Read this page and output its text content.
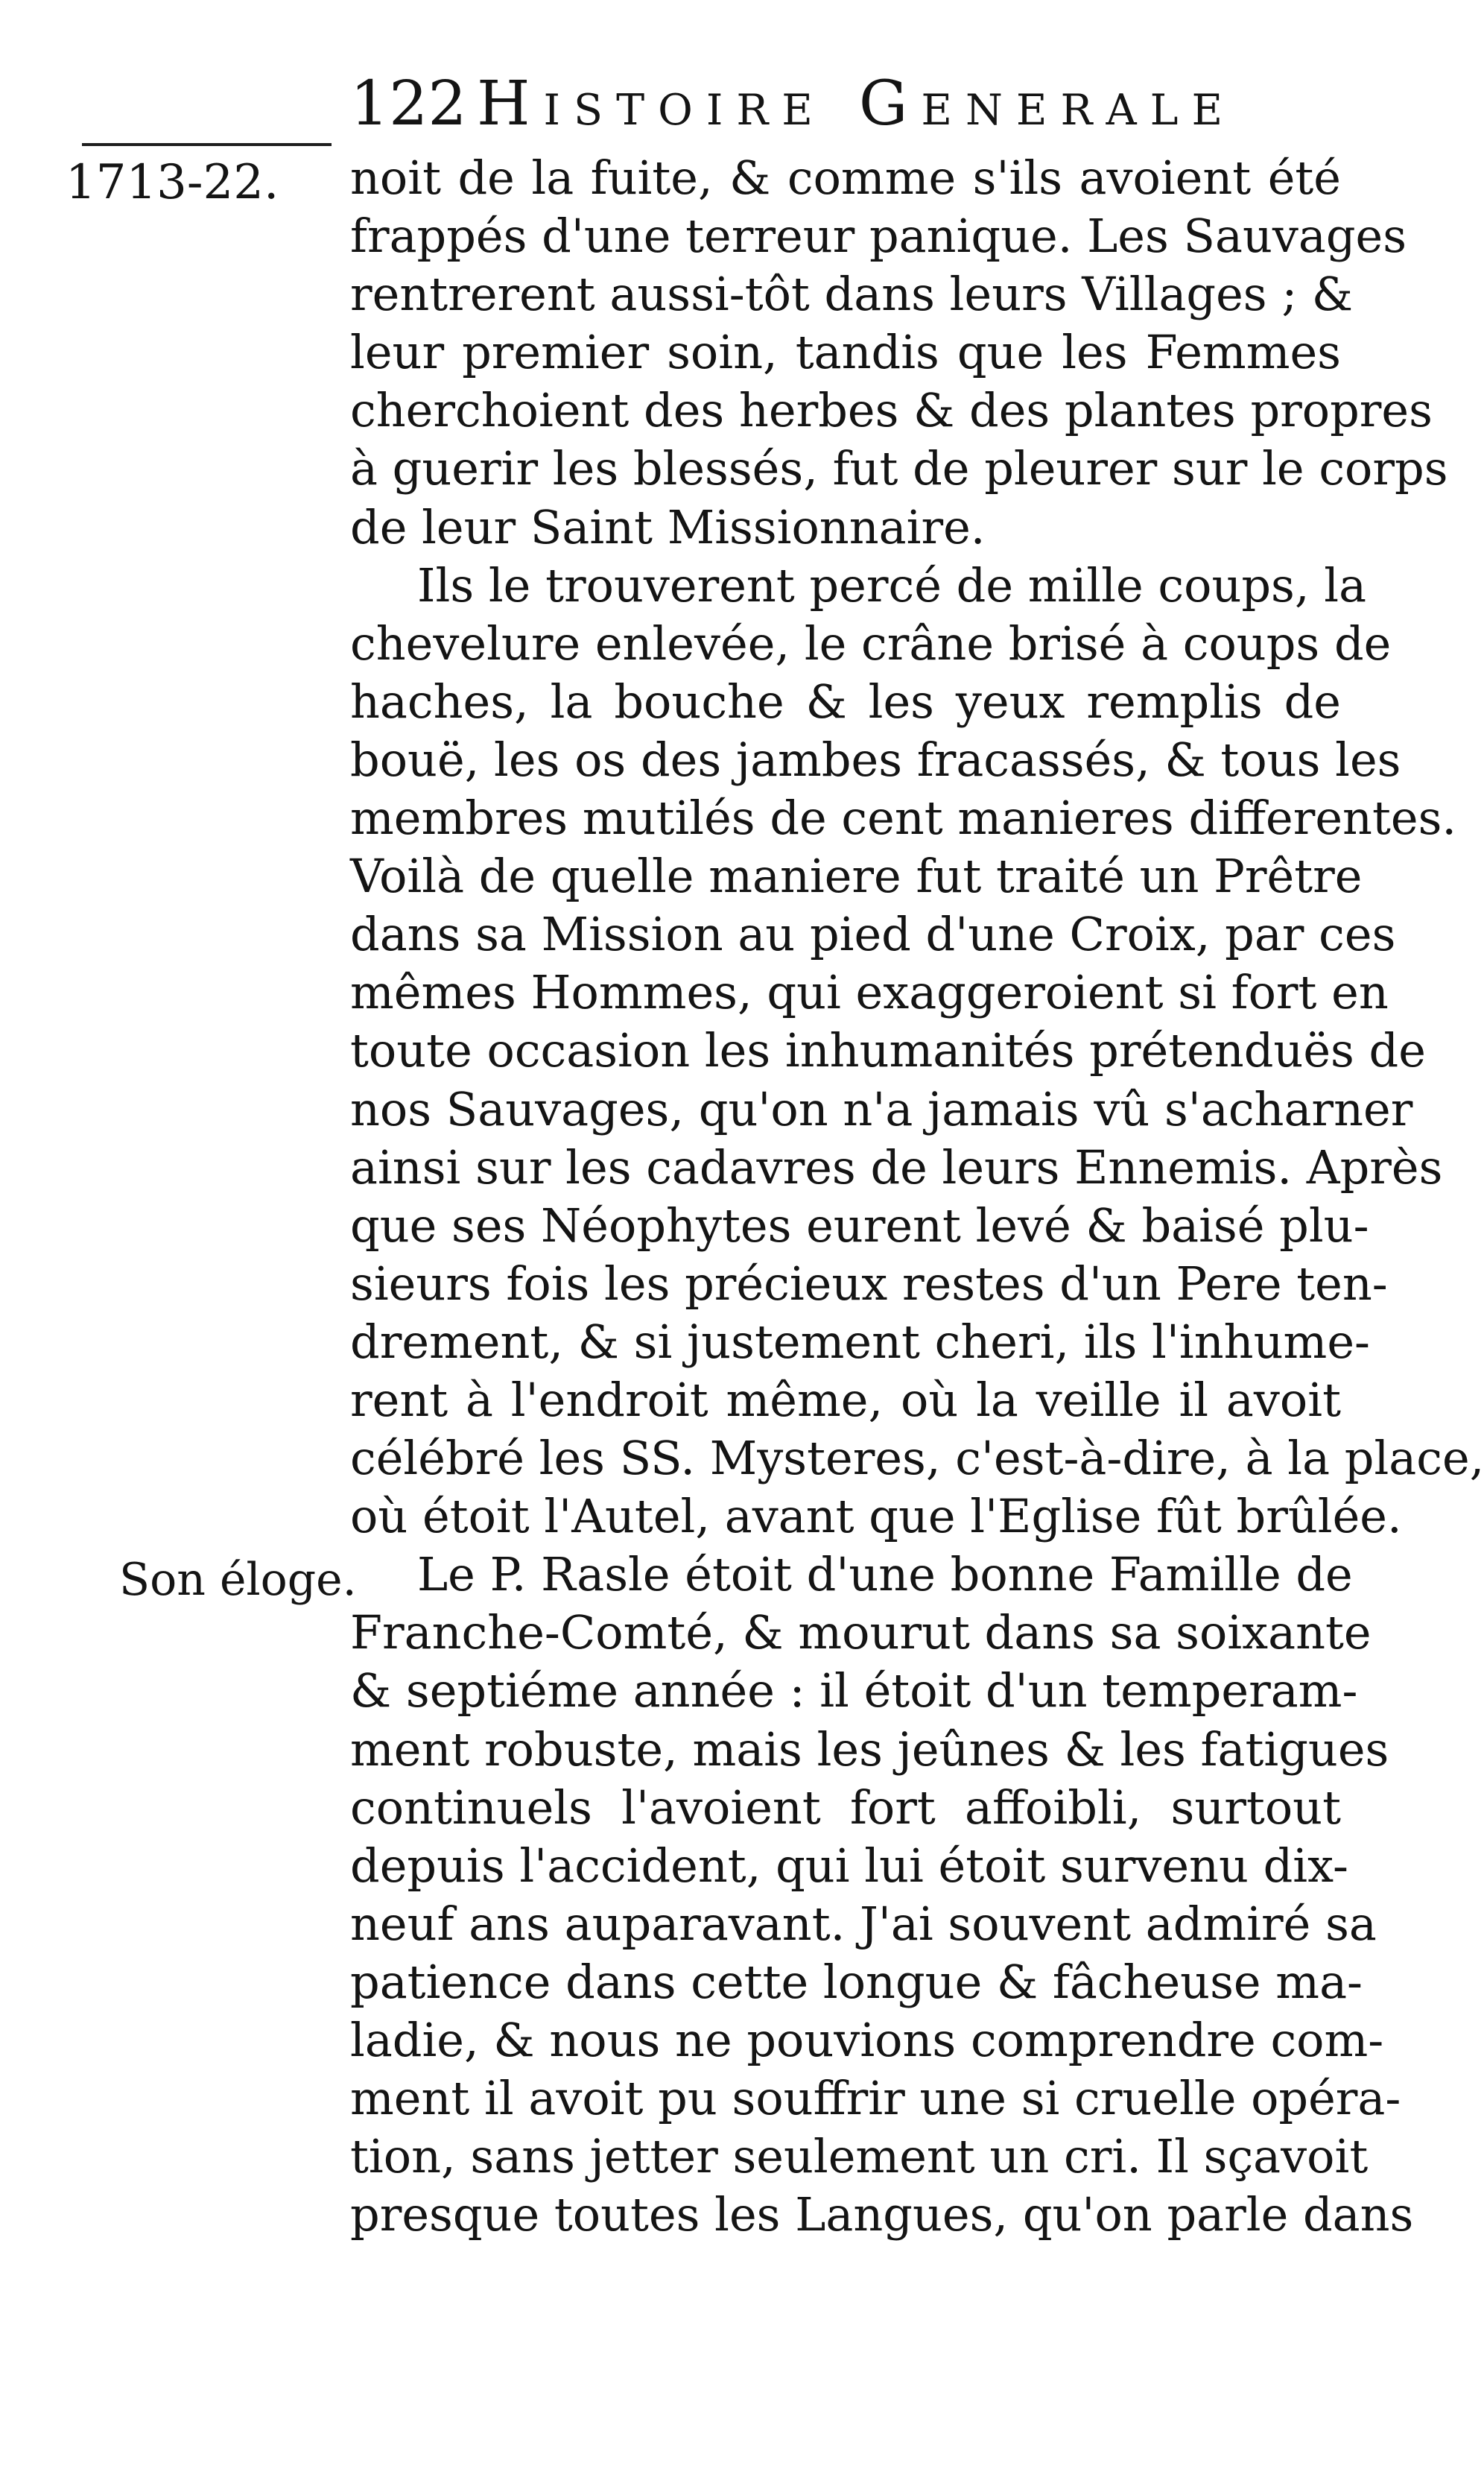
122 Histoire Generale
1713-22.
Son éloge.
noit de la fuite, & comme s'ils avoient été
frappés d'une terreur panique. Les Sauvages
rentrerent aussi-tôt dans leurs Villages ; &
leur premier soin, tandis que les Femmes
cherchoient des herbes & des plantes propres
à guerir les blessés, fut de pleurer sur le corps
de leur Saint Missionnaire.
Ils le trouverent percé de mille coups, la
chevelure enlevée, le crâne brisé à coups de
haches, la bouche & les yeux remplis de
bouë, les os des jambes fracassés, & tous les
membres mutilés de cent manieres differentes.
Voilà de quelle maniere fut traité un Prêtre
dans sa Mission au pied d'une Croix, par ces
mêmes Hommes, qui exaggeroient si fort en
toute occasion les inhumanités prétenduës de
nos Sauvages, qu'on n'a jamais vû s'acharner
ainsi sur les cadavres de leurs Ennemis. Après
que ses Néophytes eurent levé & baisé plu-
sieurs fois les précieux restes d'un Pere ten-
drement, & si justement cheri, ils l'inhume-
rent à l'endroit même, où la veille il avoit
célébré les SS. Mysteres, c'est-à-dire, à la place,
où étoit l'Autel, avant que l'Eglise fût brûlée.
Le P. Rasle étoit d'une bonne Famille de
Franche-Comté, & mourut dans sa soixante
& septiéme année : il étoit d'un temperam-
ment robuste, mais les jeûnes & les fatigues
continuels l'avoient fort affoibli, surtout
depuis l'accident, qui lui étoit survenu dix-
neuf ans auparavant. J'ai souvent admiré sa
patience dans cette longue & fâcheuse ma-
ladie, & nous ne pouvions comprendre com-
ment il avoit pu souffrir une si cruelle opéra-
tion, sans jetter seulement un cri. Il sçavoit
presque toutes les Langues, qu'on parle dans
